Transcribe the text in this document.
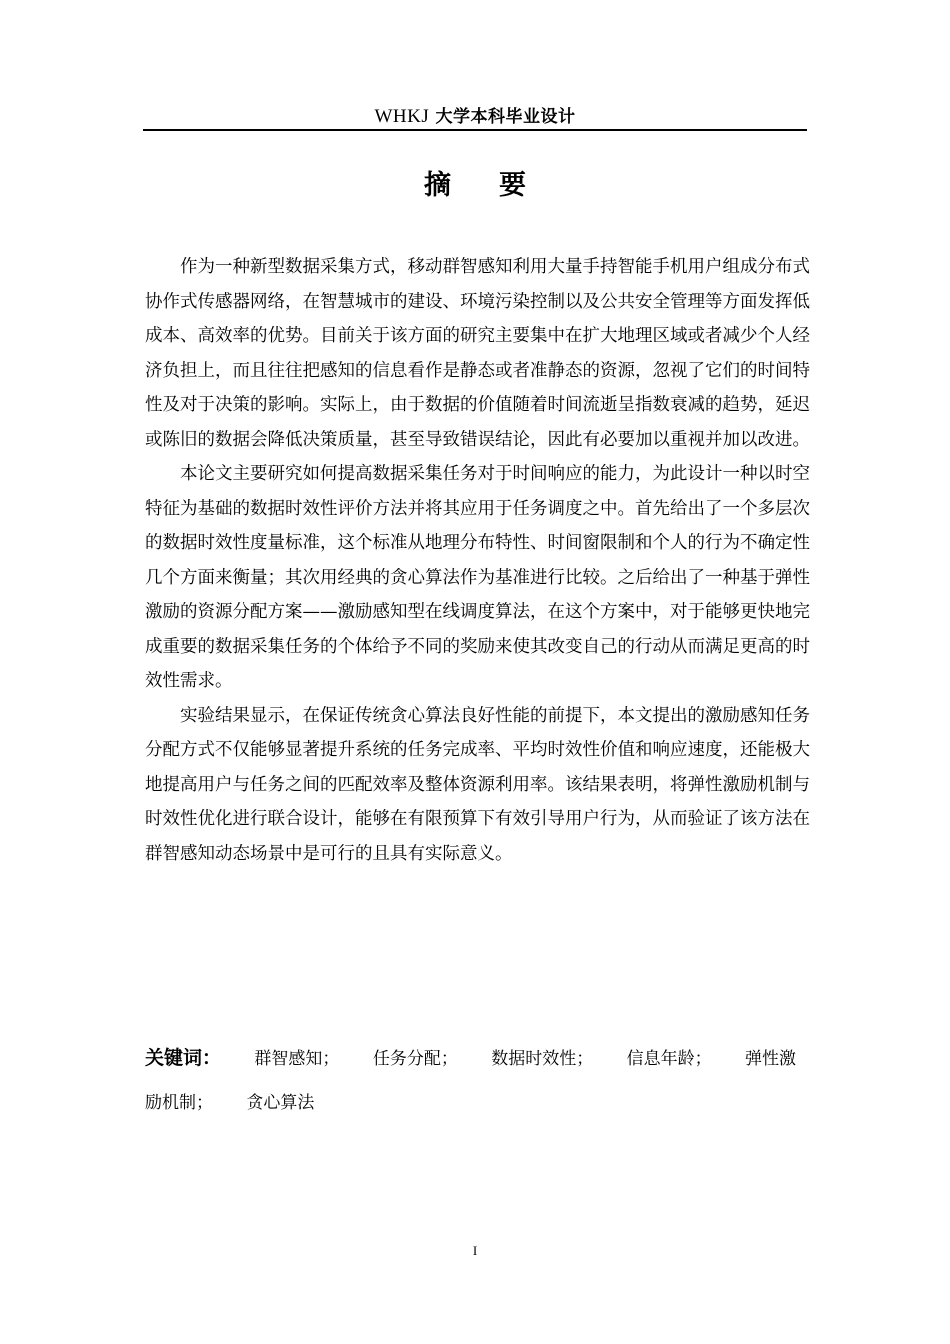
WHKJ 大学本科毕业设计
摘 要

作为一种新型数据采集方式，移动群智感知利用大量手持智能手机用户组成分布式协作式传感器网络，在智慧城市的建设、环境污染控制以及公共安全管理等方面发挥低成本、高效率的优势。目前关于该方面的研究主要集中在扩大地理区域或者减少个人经济负担上，而且往往把感知的信息看作是静态或者准静态的资源，忽视了它们的时间特性及对于决策的影响。实际上，由于数据的价值随着时间流逝呈指数衰减的趋势，延迟或陈旧的数据会降低决策质量，甚至导致错误结论，因此有必要加以重视并加以改进。

本论文主要研究如何提高数据采集任务对于时间响应的能力，为此设计一种以时空特征为基础的数据时效性评价方法并将其应用于任务调度之中。首先给出了一个多层次的数据时效性度量标准，这个标准从地理分布特性、时间窗限制和个人的行为不确定性几个方面来衡量；其次用经典的贪心算法作为基准进行比较。之后给出了一种基于弹性激励的资源分配方案——激励感知型在线调度算法，在这个方案中，对于能够更快地完成重要的数据采集任务的个体给予不同的奖励来使其改变自己的行动从而满足更高的时效性需求。

实验结果显示，在保证传统贪心算法良好性能的前提下，本文提出的激励感知任务分配方式不仅能够显著提升系统的任务完成率、平均时效性价值和响应速度，还能极大地提高用户与任务之间的匹配效率及整体资源利用率。该结果表明，将弹性激励机制与时效性优化进行联合设计，能够在有限预算下有效引导用户行为，从而验证了该方法在群智感知动态场景中是可行的且具有实际意义。

关键词： 群智感知； 任务分配； 数据时效性； 信息年龄； 弹性激励机制； 贪心算法
I
